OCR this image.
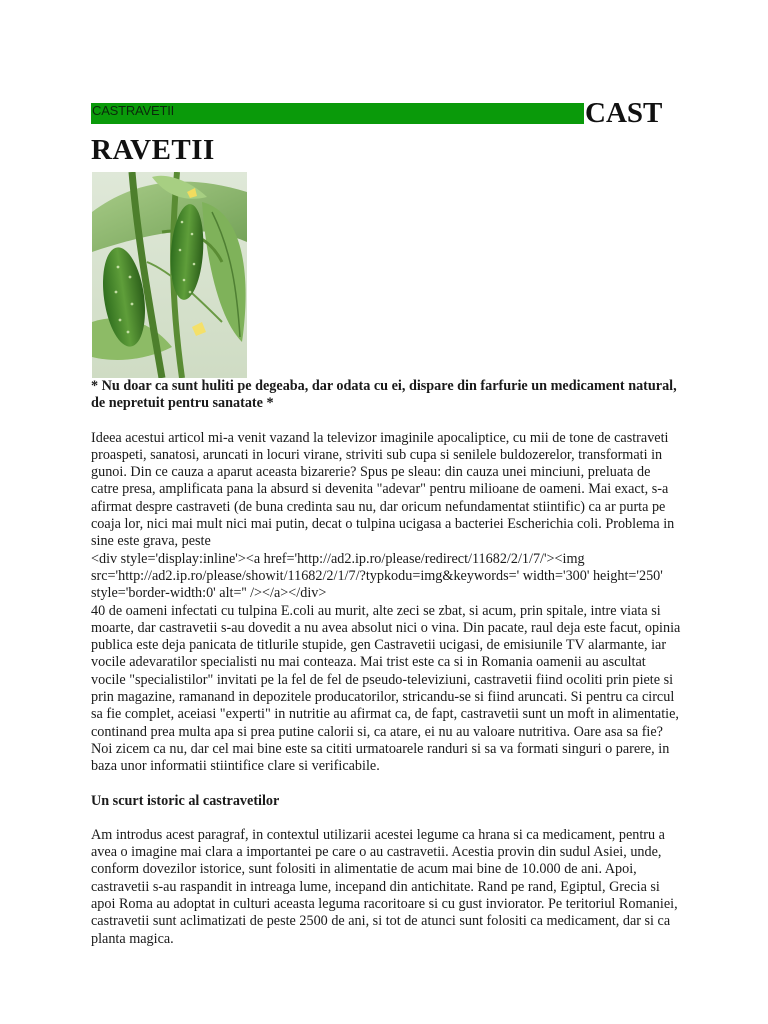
CASTRAVETII	CAST
RAVETII

* Nu doar ca sunt huliti pe degeaba, dar odata cu ei, dispare din farfurie un medicament natural, de nepretuit pentru sanatate *

Ideea acestui articol mi-a venit vazand la televizor imaginile apocaliptice, cu mii de tone de castraveti proaspeti, sanatosi, aruncati in locuri virane, striviti sub cupa si senilele buldozerelor, transformati in gunoi. Din ce cauza a aparut aceasta bizarerie? Spus pe sleau: din cauza unei minciuni, preluata de catre presa, amplificata pana la absurd si devenita "adevar" pentru milioane de oameni. Mai exact, s-a afirmat despre castraveti (de buna credinta sau nu, dar oricum nefundamentat stiintific) ca ar purta pe coaja lor, nici mai mult nici mai putin, decat o tulpina ucigasa a bacteriei Escherichia coli. Problema in sine este grava, peste
<div style='display:inline'><a href='http://ad2.ip.ro/please/redirect/11682/2/1/7/'><img src='http://ad2.ip.ro/please/showit/11682/2/1/7/?typkodu=img&keywords=' width='300' height='250' style='border-width:0' alt='' /></a></div>
40 de oameni infectati cu tulpina E.coli au murit, alte zeci se zbat, si acum, prin spitale, intre viata si moarte, dar castravetii s-au dovedit a nu avea absolut nici o vina. Din pacate, raul deja este facut, opinia publica este deja panicata de titlurile stupide, gen Castravetii ucigasi, de emisiunile TV alarmante, iar vocile adevaratilor specialisti nu mai conteaza. Mai trist este ca si in Romania oamenii au ascultat vocile "specialistilor" invitati pe la fel de fel de pseudo-televiziuni, castravetii fiind ocoliti prin piete si prin magazine, ramanand in depozitele producatorilor, stricandu-se si fiind aruncati. Si pentru ca circul sa fie complet, aceiasi "experti" in nutritie au afirmat ca, de fapt, castravetii sunt un moft in alimentatie, continand prea multa apa si prea putine calorii si, ca atare, ei nu au valoare nutritiva. Oare asa sa fie? Noi zicem ca nu, dar cel mai bine este sa cititi urmatoarele randuri si sa va formati singuri o parere, in baza unor informatii stiintifice clare si verificabile.

Un scurt istoric al castravetilor

Am introdus acest paragraf, in contextul utilizarii acestei legume ca hrana si ca medicament, pentru a avea o imagine mai clara a importantei pe care o au castravetii. Acestia provin din sudul Asiei, unde, conform dovezilor istorice, sunt folositi in alimentatie de acum mai bine de 10.000 de ani. Apoi, castravetii s-au raspandit in intreaga lume, incepand din antichitate. Rand pe rand, Egiptul, Grecia si apoi Roma au adoptat in culturi aceasta leguma racoritoare si cu gust inviorator. Pe teritoriul Romaniei, castravetii sunt aclimatizati de peste 2500 de ani, si tot de atunci sunt folositi ca medicament, dar si ca planta magica.
